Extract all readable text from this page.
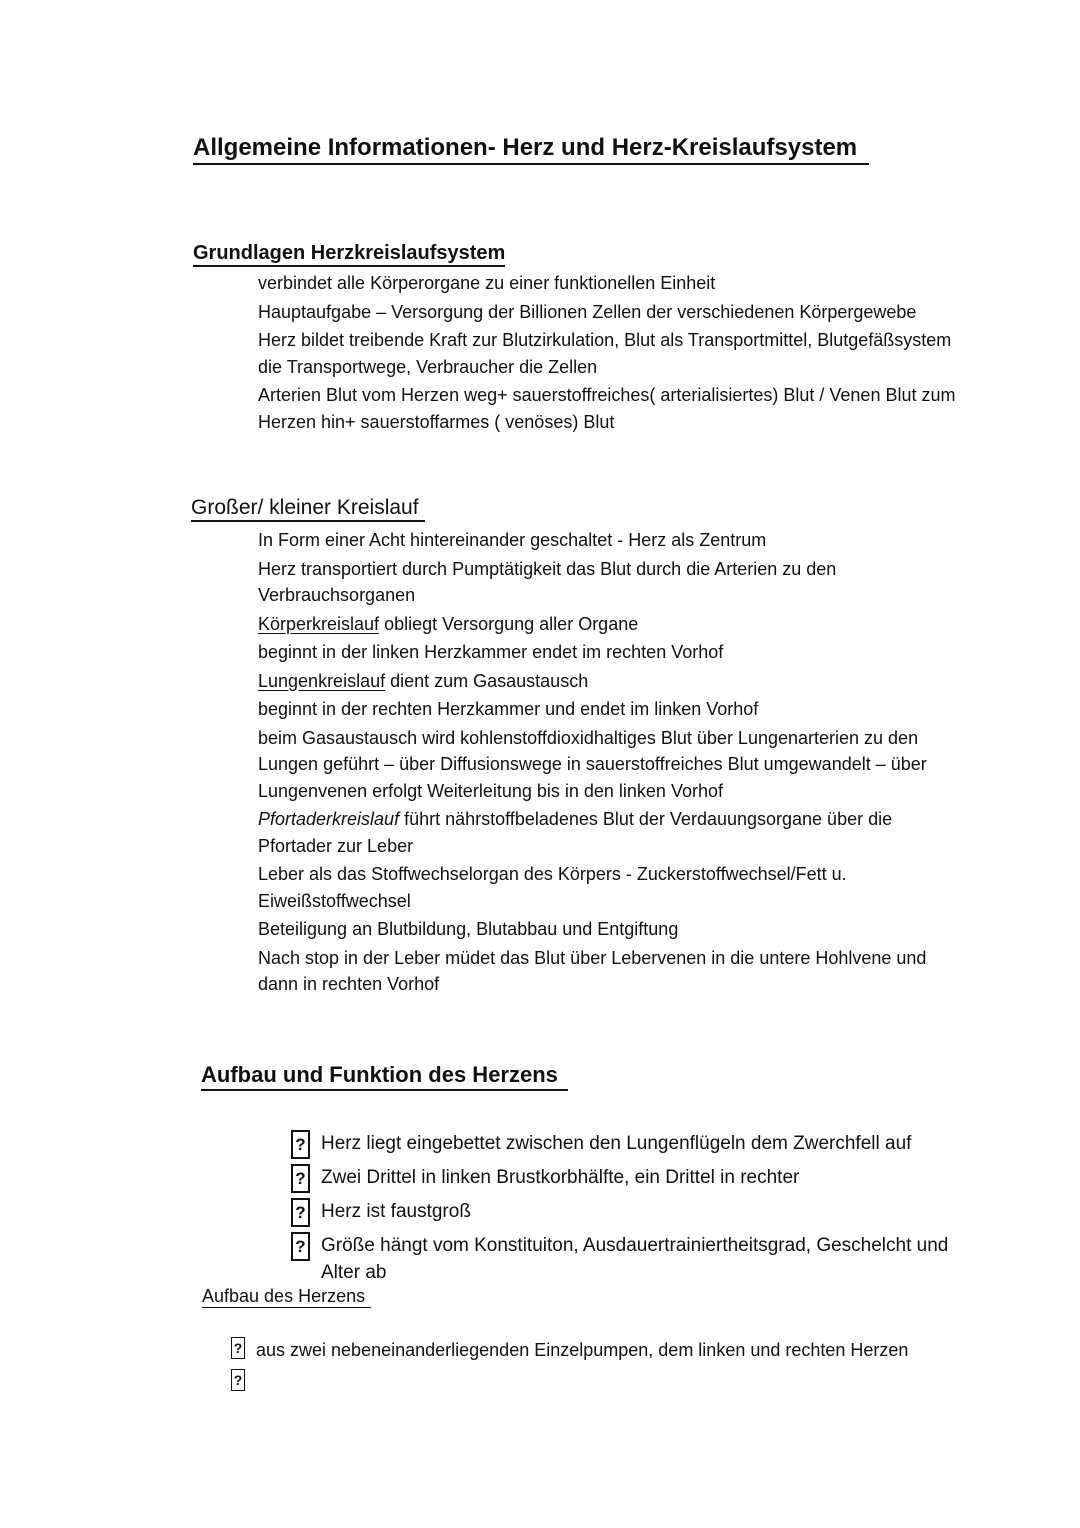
Allgemeine Informationen- Herz und Herz-Kreislaufsystem
Grundlagen Herzkreislaufsystem

verbindet alle Körperorgane zu einer funktionellen Einheit

Hauptaufgabe – Versorgung der Billionen Zellen der verschiedenen Körpergewebe

Herz bildet treibende Kraft zur Blutzirkulation, Blut als Transportmittel, Blutgefäßsystem die Transportwege, Verbraucher die Zellen

Arterien Blut vom Herzen weg+ sauerstoffreiches( arterialisiertes) Blut / Venen Blut zum Herzen hin+ sauerstoffarmes ( venöses) Blut

Großer/ kleiner Kreislauf

In Form einer Acht hintereinander geschaltet - Herz als Zentrum

Herz transportiert durch Pumptätigkeit das Blut durch die Arterien zu den Verbrauchsorganen

Körperkreislauf obliegt Versorgung aller Organe

beginnt in der linken Herzkammer endet im rechten Vorhof

Lungenkreislauf dient zum Gasaustausch

beginnt in der rechten Herzkammer und endet im linken Vorhof

beim Gasaustausch wird kohlenstoffdioxidhaltiges Blut über Lungenarterien zu den Lungen geführt – über Diffusionswege in sauerstoffreiches Blut umgewandelt – über Lungenvenen erfolgt Weiterleitung bis in den linken Vorhof

Pfortaderkreislauf führt nährstoffbeladenes Blut der Verdauungsorgane über die Pfortader zur Leber

Leber als das Stoffwechselorgan des Körpers - Zuckerstoffwechsel/Fett u. Eiweißstoffwechsel

Beteiligung an Blutbildung, Blutabbau und Entgiftung

Nach stop in der Leber müdet das Blut über Lebervenen in die untere Hohlvene und dann in rechten Vorhof

Aufbau und Funktion des Herzens
? Herz liegt eingebettet zwischen den Lungenflügeln dem Zwerchfell auf
? Zwei Drittel in linken Brustkorbhälfte, ein Drittel in rechter
? Herz ist faustgroß
? Größe hängt vom Konstituiton, Ausdauertrainiertheitsgrad, Geschelcht und Alter ab
Aufbau des Herzens
? aus zwei nebeneinanderliegenden Einzelpumpen, dem linken und rechten Herzen
?
